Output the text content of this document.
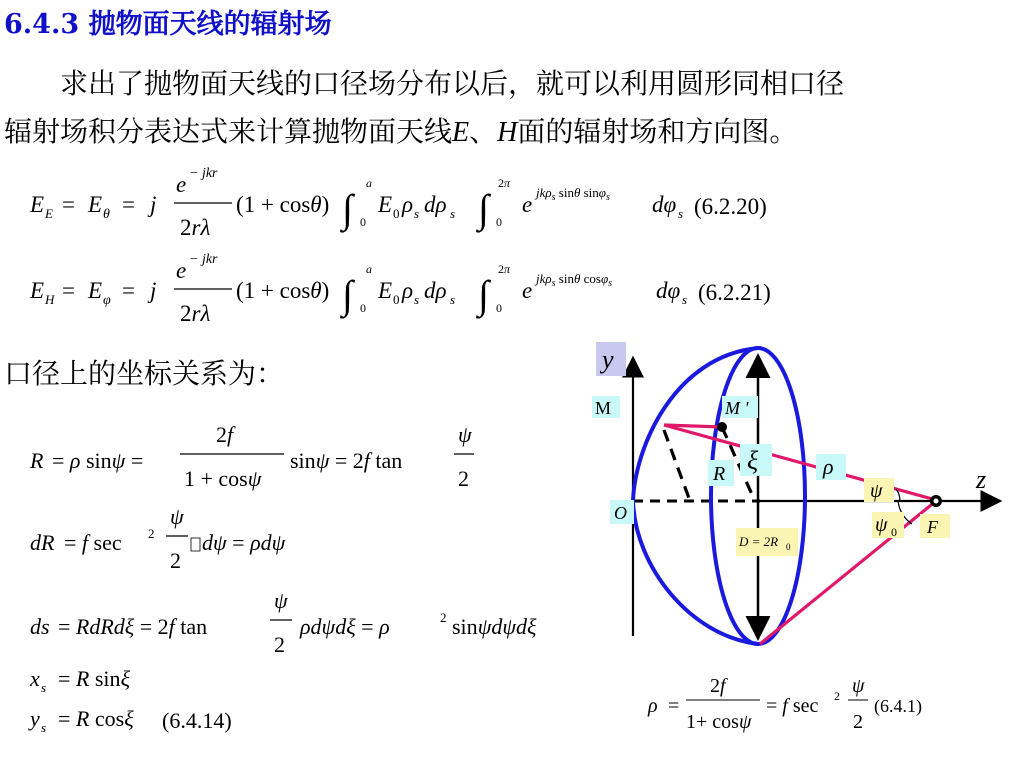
6.4.3 抛物面天线的辐射场

求出了抛物面天线的口径场分布以后，就可以利用圆形同相口径

辐射场积分表达式来计算抛物面天线E、H面的辐射场和方向图。

E E = E θ = j
e − jkr
2rλ
(1 + cosθ) ∫
a
0
E 0 ρ s dρ s ∫
2π
0
e jkρ$_s$ sinθ sinφ$_s$ dφ s (6.2.20)
E H = E φ = j
e − jkr
2rλ
(1 + cosθ) ∫
a
0
E 0 ρ s dρ s ∫
2π
0
e jkρ$_s$ sinθ cosφ$_s$ dφ s (6.2.21)
口径上的坐标关系为：
R = ρ sinψ =
2f
1 + cosψ
sinψ = 2f tan
ψ
2
dR = f sec 2
ψ
2
dψ = ρdψ
ds = RdRdξ = 2f tan
ψ
2
ρdψdξ = ρ	2 sinψdψdξ
x s = R sinξ
y s = R cosξ (6.4.14)
y
M	M '
ξ	ρ
R
ψ
ψ 0
O
F
z
D = 2R 0
ρ =
2f
1+ cosψ
= f sec 2 ψ
2
(6.4.1)
